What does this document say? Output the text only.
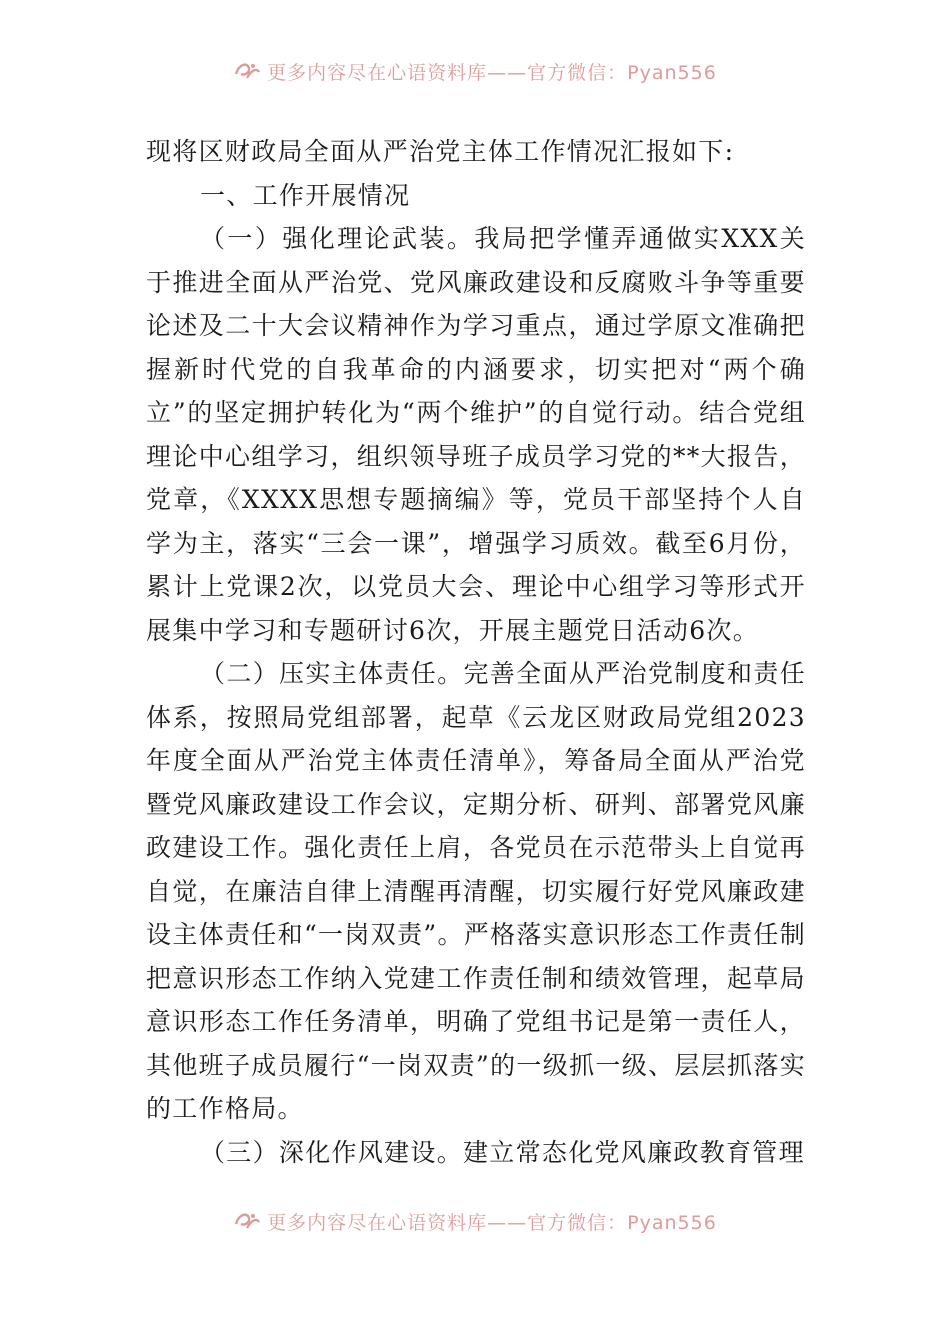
更多内容尽在心语资料库——官方微信：Pyan556

现将区财政局全面从严治党主体工作情况汇报如下:

一、工作开展情况

（一）强化理论武装。我局把学懂弄通做实XXX关于推进全面从严治党、党风廉政建设和反腐败斗争等重要论述及二十大会议精神作为学习重点，通过学原文准确把握新时代党的自我革命的内涵要求，切实把对“两个确立”的坚定拥护转化为“两个维护”的自觉行动。结合党组理论中心组学习，组织领导班子成员学习党的**大报告，党章，《XXXX思想专题摘编》等，党员干部坚持个人自学为主，落实“三会一课”，增强学习质效。截至6月份，累计上党课2次，以党员大会、理论中心组学习等形式开展集中学习和专题研讨6次，开展主题党日活动6次。

（二）压实主体责任。完善全面从严治党制度和责任体系，按照局党组部署，起草《云龙区财政局党组2023年度全面从严治党主体责任清单》，筹备局全面从严治党暨党风廉政建设工作会议，定期分析、研判、部署党风廉政建设工作。强化责任上肩，各党员在示范带头上自觉再自觉，在廉洁自律上清醒再清醒，切实履行好党风廉政建设主体责任和“一岗双责”。严格落实意识形态工作责任制把意识形态工作纳入党建工作责任制和绩效管理，起草局意识形态工作任务清单，明确了党组书记是第一责任人，其他班子成员履行“一岗双责”的一级抓一级、层层抓落实的工作格局。

（三）深化作风建设。建立常态化党风廉政教育管理

更多内容尽在心语资料库——官方微信：Pyan556
